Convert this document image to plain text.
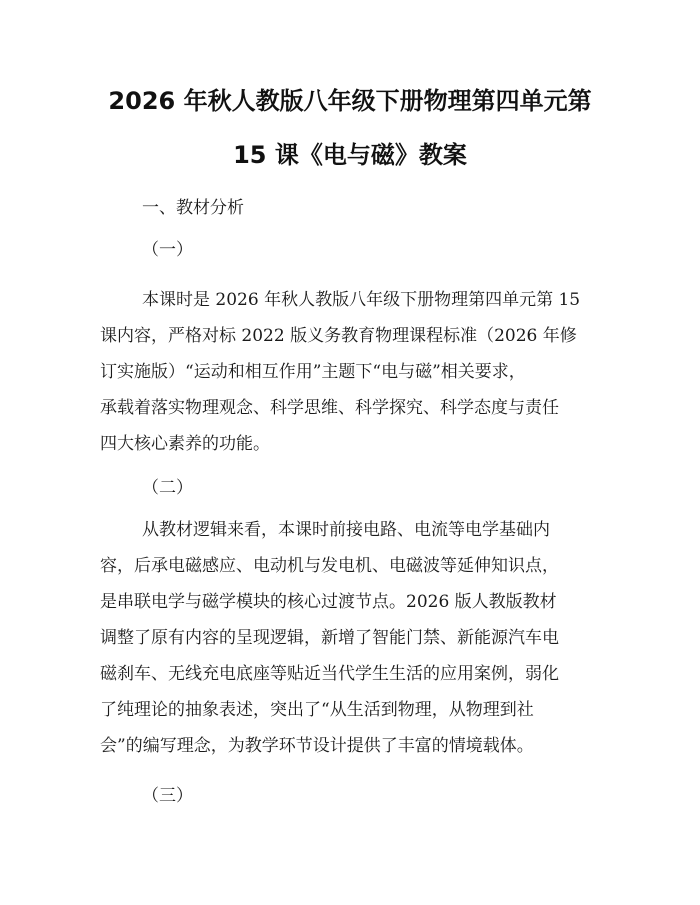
2026 年秋人教版八年级下册物理第四单元第
15 课《电与磁》教案
一、教材分析
（一）
本课时是 2026 年秋人教版八年级下册物理第四单元第 15
课内容，严格对标 2022 版义务教育物理课程标准（2026 年修
订实施版）“运动和相互作用”主题下“电与磁”相关要求，
承载着落实物理观念、科学思维、科学探究、科学态度与责任
四大核心素养的功能。
（二）
从教材逻辑来看，本课时前接电路、电流等电学基础内
容，后承电磁感应、电动机与发电机、电磁波等延伸知识点，
是串联电学与磁学模块的核心过渡节点。2026 版人教版教材
调整了原有内容的呈现逻辑，新增了智能门禁、新能源汽车电
磁刹车、无线充电底座等贴近当代学生生活的应用案例，弱化
了纯理论的抽象表述，突出了“从生活到物理，从物理到社
会”的编写理念，为教学环节设计提供了丰富的情境载体。
（三）
